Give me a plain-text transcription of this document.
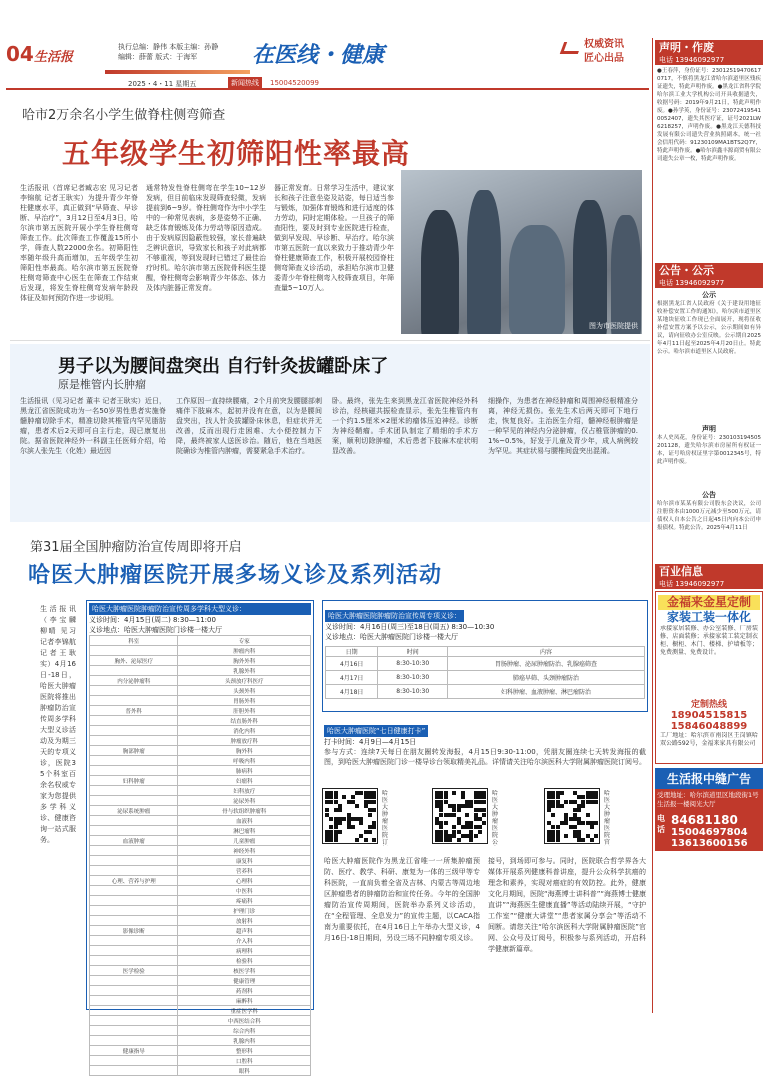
04 生活报
执行总编：静伟 本版主编：孙静
编辑：薛蕾 版式：于海军
2025・4・11 星期五	新闻热线	15004520099
在医线・健康	权威资讯
匠心出品
哈市2万余名小学生做脊柱侧弯筛查
五年级学生初筛阳性率最高
生活报讯（首席记者臧志宏 见习记者李锦航 记者王耿实）为提升青少年脊柱健康水平，真正做到“早筛查、早诊断、早治疗”，3月12日至4月3日，哈尔滨市第五医院开展小学生脊柱侧弯筛查工作。此次筛查工作覆盖15所小学，筛查人数22000余名。初筛阳性率随年级升高而增加，五年级学生初筛阳性率最高。哈尔滨市第五医院脊柱侧弯筛查中心医生在筛查工作结束后发现，将发生脊柱侧弯发病年龄段体征及如何预防作进一步说明。
通常特发性脊柱侧弯在学生10~12岁发病，但目前临床发现筛查轻微，发病提前到6~9岁。脊柱侧弯作为中小学生中的一种常见表病，多是姿势不正确、缺乏体育锻炼及体力劳动等原因造成。由于发病原因隐蔽性较强，家长普遍缺乏辨识意识，导致家长和孩子对此病都不够重视，等到发现时已错过了最佳治疗时机。哈尔滨市第五医院骨科医生提醒，脊柱侧弯会影响青少年体态、体力及体内脏器正常发育。
器正常发育。日常学习生活中，建议家长和孩子注意坐姿及站姿，每日适当参与锻炼，加强体育锻炼和进行适度的体力劳动，同时定期体检。一旦孩子的筛查阳性，要及时到专业医院进行检查，做到早发现、早诊断、早治疗。哈尔滨市第五医院一直以来致力于推动青少年脊柱健康筛查工作，积极开展校园脊柱侧弯筛查义诊活动，承担哈尔滨市卫健委青少年脊柱侧弯入校筛查项目，年筛查量5~10万人。
图为市医院提供
男子以为腰间盘突出 自行针灸拔罐卧床了
原是椎管内长肿瘤
生活报讯（见习记者 董丰 记者王耿实）近日，黑龙江省医院成功为一名50岁男性患者实施脊髓肿瘤切除手术，精准切除其椎管内罕见脂肪瘤，患者术后2天即可自主行走，现已康复出院。据省医院神经外一科副主任医师介绍，哈尔滨人张先生（化姓）最近因
工作原因一直持续腰痛，2个月前突发腰腿部刺痛伴下肢麻木，起初并没有在意，以为是腰间盘突出，找人针灸拔罐卧床休息，但症状并无改善，反而出现行走困难、大小便控制力下降，最终被家人送医诊治。随后，他在当地医院确诊为椎管内肿瘤，需要紧急手术治疗。
卧。最终，张先生来到黑龙江省医院神经外科诊治，经核磁共振检查显示，张先生椎管内有一个约1.5厘米×2厘米的瘤体压迫神经。诊断为神经鞘瘤。手术团队制定了精细的手术方案，顺利切除肿瘤，术后患者下肢麻木症状明显改善。
细操作，为患者在神经肿瘤和周围神经根精准分离，神经无损伤。张先生术后两天即可下地行走，恢复良好。主治医生介绍，髓神经根肿瘤是一种罕见的神经内分泌肿瘤，仅占椎管肿瘤的0.1%~0.5%，好发于儿童及青少年，成人病例较为罕见。其症状易与腰椎间盘突出混淆。
第31届全国肿瘤防治宣传周即将开启
哈医大肿瘤医院开展多场义诊及系列活动
生活报讯（李宝麟 柳晴 见习记者李锦航 记者王耿实）4月16日-18日，哈医大肿瘤医院将推出肿瘤防治宣传周多学科大型义诊活动及为期三天的专项义诊，医院35个科室百余名权威专家为您提供多学科义诊、健康咨询一站式服务。
哈医大肿瘤医院肿瘤防治宣传周多学科大型义诊：
义诊时间：4月15日(周二) 8:30—11:00
义诊地点：哈医大肿瘤医院门诊楼一楼大厅
科室	专家
	肿瘤内科
胸外、泌尿医疗	胸外外科
	乳腺外科
内分泌肿瘤科	头颈放疗科医疗
	头颈外科
	胃肠外科
普外科	肝胆外科
	结直肠外科
	消化内科
	肿瘤放疗科
胸部肿瘤	胸外科
	呼吸内科
	肺病科
妇科肿瘤	妇瘤科
	妇科放疗
	泌尿外科
泌尿系统肿瘤	骨与软组织肿瘤科
	血液科
	淋巴瘤科
血液肿瘤	儿童肿瘤
	神经外科
	康复科
	营养科
心理、营养与护理	心理科
	中医科
	疼痛科
	护理门诊
	放射科
影像诊断	超声科
	介入科
	病理科
	检验科
医学检验	核医学科
	健康管理
	药剂科
	麻醉科
	重症医学科
	中西医结合科
	综合内科
	乳腺内科
健康指导	整形科
	口腔科
	眼科
哈医大肿瘤医院肿瘤防治宣传周专项义诊：
义诊时间：4月16日(周三)至18日(周五) 8:30—10:30
义诊地点：哈医大肿瘤医院门诊楼一楼大厅
日期	时间	内容
4月16日	8:30-10:30	胃肠肿瘤、泌尿肿瘤防治、乳腺癌筛查
4月17日	8:30-10:30	肺癌早筛、头颈肿瘤防治
4月18日	8:30-10:30	妇科肿瘤、血液肿瘤、淋巴瘤防治
哈医大肿瘤医院“七日健康打卡”
打卡时间：4月9日—4月15日
参与方式：连续7天每日在朋友圈转发海报，4月15日9:30-11:00，凭朋友圈连续七天转发海报的截图，到哈医大肿瘤医院门诊一楼导诊台领取精美礼品。详情请关注哈尔滨医科大学附属肿瘤医院订阅号。
哈医大肿瘤医院订
哈医大肿瘤医院公
哈医大肿瘤医院官
哈医大肿瘤医院作为黑龙江省唯一一所集肿瘤预防、医疗、教学、科研、康复为一体的三级甲等专科医院，一直肩负着全省及吉林、内蒙古等周边地区肿瘤患者的肿瘤防治和宣传任务。今年的全国肿瘤防治宣传周期间，医院举办系列义诊活动，在“全程管理、全息发力”的宣传主题，以CACA指南为重要依托，在4月16日上午举办大型义诊，4月16日-18日期间，另设三场不同肿瘤专项义诊。
接号，到场即可参与。同时，医院联合哲学界各大媒体开展系列健康科普讲座，提升公众科学抗癌的理念和素养，实现对癌症的有效防控。此外，健康文化月期间，医院“海燕博士讲科普”“海燕博士健康直讲”“海燕医生健康直播”等活动陆续开展，“守护工作室”“健康大讲堂”“患者家属分享会”等活动不间断。请您关注“哈尔滨医科大学附属肿瘤医院”官网、公众号及订阅号，积极参与系列活动，开启科学健康新篇章。
声明・作废
电话 13946092977
●王春萍，身份证号：230125194706170717，不慎将黑龙江省哈尔滨道里区残疾证遗失，特此声明作废。●黑龙江省科学院哈尔滨工业大学机构公司开具收据遗失，收据号码：2019年9月21日，特此声明作废。●孙学英，身份证号：230724195410052407，遗失其医疗证，证号2021LW6218257，声明作废。●黑龙江天德科技发展有限公司遗失营业执照副本，统一社会信用代码：91230109MA1BTS2Q7Y，特此声明作废。●哈尔滨鑫丰源商贸有限公司遗失公章一枚，特此声明作废。
公告・公示
电话 13946092977
公示
根据黑龙江省人民政府《关于建设用地征收补偿安置工作的通知》，哈尔滨市道里区某地块征收工作现已全面展开，现将征收补偿安置方案予以公示，公示期间如有异议，请向征收办公室反映。公示期自2025年4月11日起至2025年4月20日止。特此公示。哈尔滨市道里区人民政府。
声明
本人史凤花，身份证号：230103194505201128，遗失哈尔滨市房屋所有权证一本，证号哈房权证里字第0012345号，特此声明作废。
公告
哈尔滨市某某有限公司股东会决议，公司注册资本由1000万元减少至500万元，请债权人自本公告之日起45日内向本公司申报债权。特此公告。2025年4月11日
百业信息
电话 13946092977
金福来金星定制
家装工装一体化
承接家居装修、办公室装修、厂房装修、店面装修；承接家装工装定制衣柜、橱柜、木门、楼梯、护墙板等；免费测量、免费设计。
定制热线
18904515815
15846048899
工厂地址：哈尔滨市南岗区王岗镇哈双公路592号，金福来家具有限公司
生活报中缝广告
受理地址：哈尔滨道里区地段街1号生活报一楼阅光大厅
电话
84681180
15004697804
13613600156
